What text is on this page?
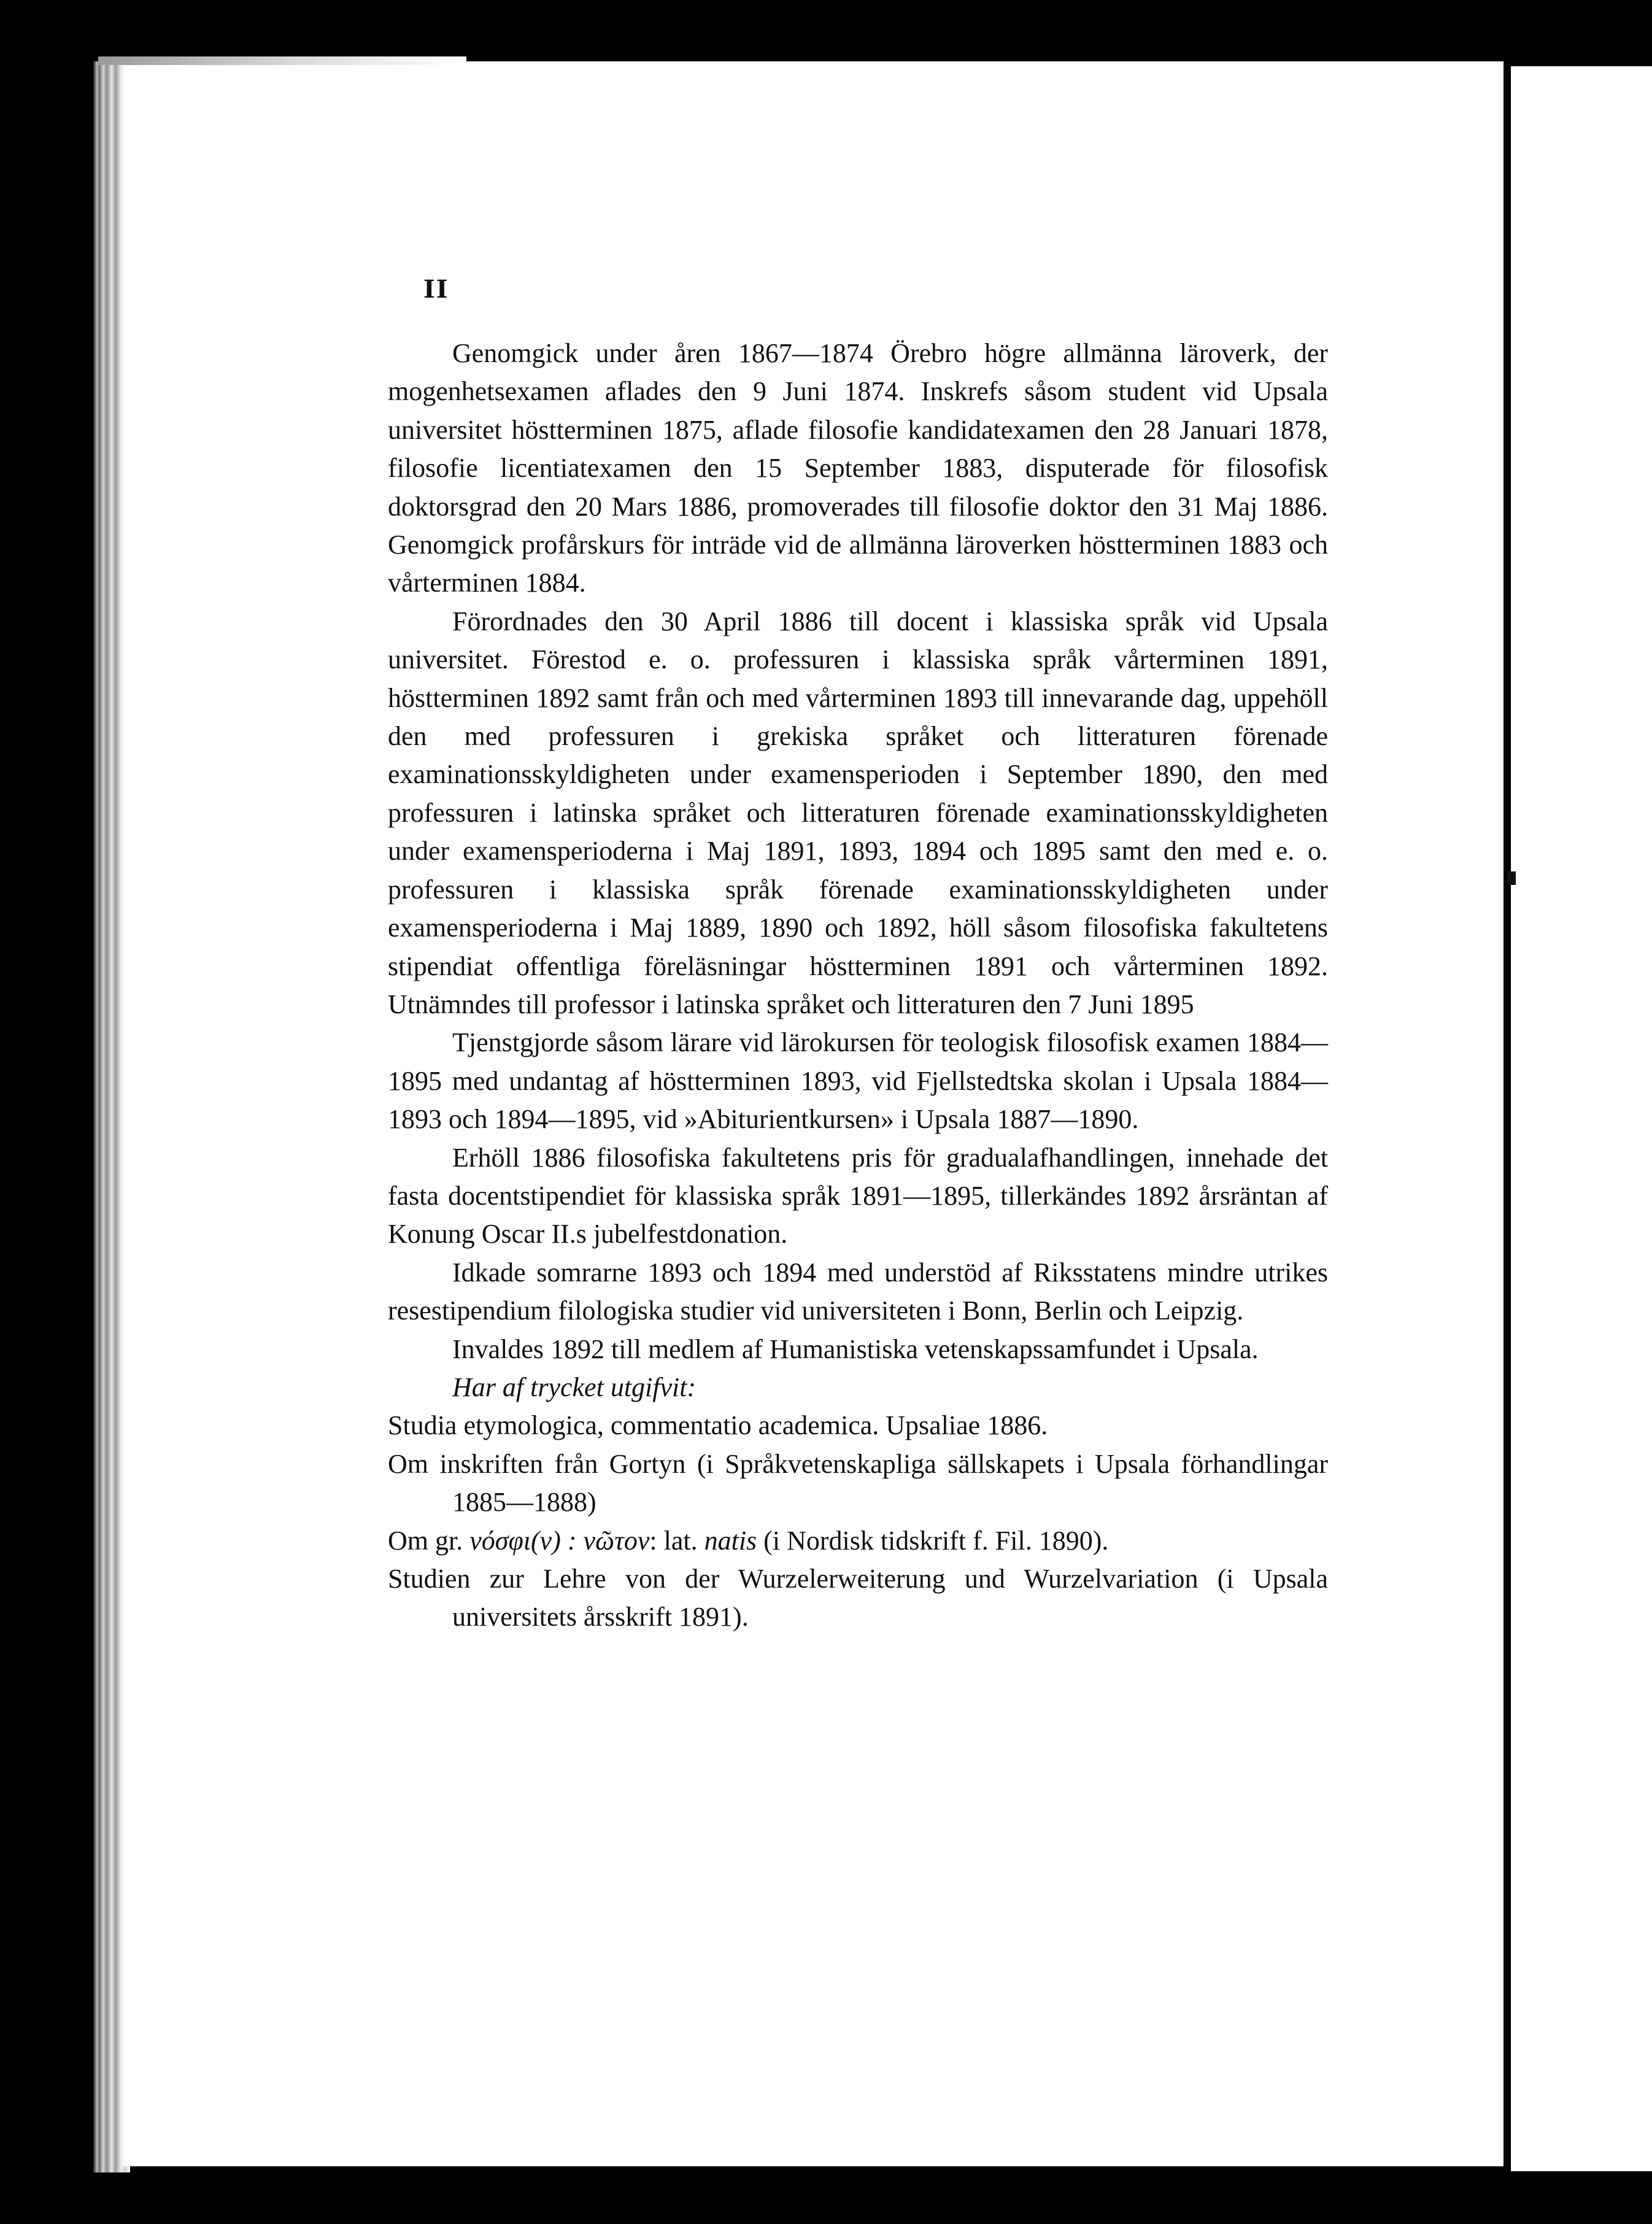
II

Genomgick under åren 1867—1874 Örebro högre allmänna läroverk, der mogenhetsexamen aflades den 9 Juni 1874. Inskrefs såsom student vid Upsala universitet höstterminen 1875, aflade filosofie kandidatexamen den 28 Januari 1878, filosofie licentiatexamen den 15 September 1883, disputerade för filosofisk doktorsgrad den 20 Mars 1886, promoverades till filosofie doktor den 31 Maj 1886. Genomgick profårskurs för inträde vid de allmänna läroverken höstterminen 1883 och vårterminen 1884.

Förordnades den 30 April 1886 till docent i klassiska språk vid Upsala universitet. Förestod e. o. professuren i klassiska språk vårterminen 1891, höstterminen 1892 samt från och med vårterminen 1893 till innevarande dag, uppehöll den med professuren i grekiska språket och litteraturen förenade examinationsskyldigheten under examensperioden i September 1890, den med professuren i latinska språket och litteraturen förenade examinationsskyldigheten under examensperioderna i Maj 1891, 1893, 1894 och 1895 samt den med e. o. professuren i klassiska språk förenade examinationsskyldigheten under examensperioderna i Maj 1889, 1890 och 1892, höll såsom filosofiska fakultetens stipendiat offentliga föreläsningar höstterminen 1891 och vårterminen 1892. Utnämndes till professor i latinska språket och litteraturen den 7 Juni 1895

Tjenstgjorde såsom lärare vid lärokursen för teologisk filosofisk examen 1884—1895 med undantag af höstterminen 1893, vid Fjellstedtska skolan i Upsala 1884—1893 och 1894—1895, vid »Abiturientkursen» i Upsala 1887—1890.

Erhöll 1886 filosofiska fakultetens pris för gradualafhandlingen, innehade det fasta docentstipendiet för klassiska språk 1891—1895, tillerkändes 1892 årsräntan af Konung Oscar II.s jubelfestdonation.

Idkade somrarne 1893 och 1894 med understöd af Riksstatens mindre utrikes resestipendium filologiska studier vid universiteten i Bonn, Berlin och Leipzig.

Invaldes 1892 till medlem af Humanistiska vetenskapssamfundet i Upsala.

Har af trycket utgifvit:

Studia etymologica, commentatio academica. Upsaliae 1886.

Om inskriften från Gortyn (i Språkvetenskapliga sällskapets i Upsala förhandlingar 1885—1888)

Om gr. νόσφι(ν) : νῶτον: lat. natis (i Nordisk tidskrift f. Fil. 1890).

Studien zur Lehre von der Wurzelerweiterung und Wurzelvariation (i Upsala universitets årsskrift 1891).
